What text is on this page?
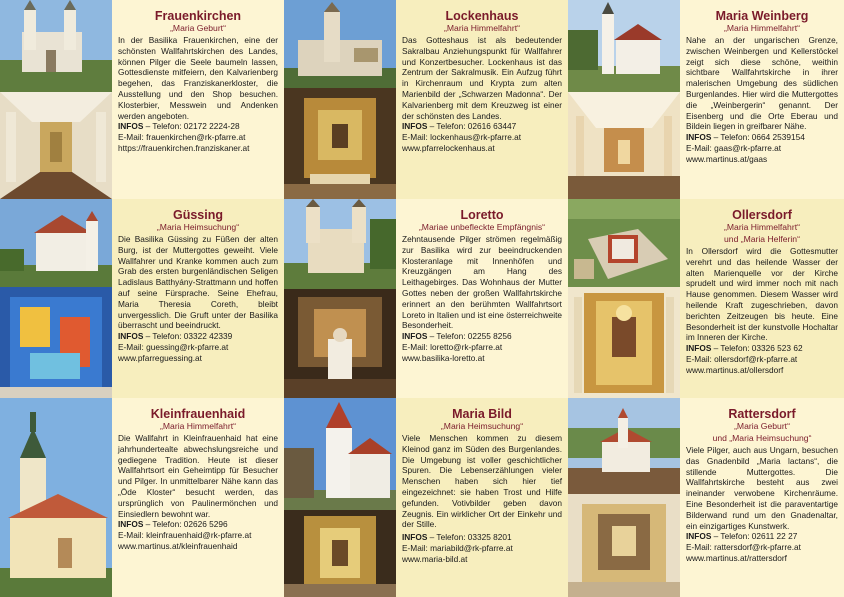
Frauenkirchen
„Maria Geburt“
In der Basilika Frauenkirchen, eine der schönsten Wallfahrtskirchen des Landes, können Pilger die Seele baumeln lassen, Gottesdienste mitfeiern, den Kalvarienberg begehen, das Franziskanerkloster, die Ausstellung und den Shop besuchen. Klosterbier, Messwein und Andenken werden angeboten.
INFOS – Telefon: 02172 2224-28
E-Mail: frauenkirchen@rk-pfarre.at
https://frauenkirchen.franziskaner.at
Lockenhaus
„Maria Himmelfahrt“
Das Gotteshaus ist als bedeutender Sakralbau Anziehungspunkt für Wallfahrer und Konzertbesucher. Lockenhaus ist das Zentrum der Sakralmusik. Ein Aufzug führt in Kirchenraum und Krypta zum alten Marienbild der „Schwarzen Madonna“. Der Kalvarienberg mit dem Kreuzweg ist einer der schönsten des Landes.
INFOS – Telefon: 02616 63447
E-Mail: lockenhaus@rk-pfarre.at
www.pfarrelockenhaus.at
Maria Weinberg
„Maria Himmelfahrt“
Nahe an der ungarischen Grenze, zwischen Weinbergen und Kellerstöckel zeigt sich diese schöne, weithin sichtbare Wallfahrtskirche in ihrer malerischen Umgebung des südlichen Burgenlandes. Hier wird die Muttergottes die „Weinbergerin“ genannt. Der Eisenberg und die Orte Eberau und Bildein liegen in greifbarer Nähe.
INFOS – Telefon: 0664 2539154
E-Mail: gaas@rk-pfarre.at
www.martinus.at/gaas
Güssing
„Maria Heimsuchung“
Die Basilika Güssing zu Füßen der alten Burg, ist der Muttergottes geweiht. Viele Wallfahrer und Kranke kommen auch zum Grab des ersten burgenländischen Seligen Ladislaus Batthyány-Strattmann und hoffen auf seine Fürsprache. Seine Ehefrau, Maria Theresia Coreth, bleibt unvergesslich. Die Gruft unter der Basilika überrascht und beeindruckt.
INFOS – Telefon: 03322 42339
E-Mail: guessing@rk-pfarre.at
www.pfarreguessing.at
Loretto
„Mariae unbefleckte Empfängnis“
Zehntausende Pilger strömen regelmäßig zur Basilika wird zur beeindruckenden Klosteranlage mit Innenhöfen und Kreuzgängen am Hang des Leithagebirges. Das Wohnhaus der Mutter Gottes neben der großen Wallfahrtskirche erinnert an den berühmten Wallfahrtsort Loreto in Italien und ist eine österreichweite Besonderheit.
INFOS – Telefon: 02255 8256
E-Mail: loretto@rk-pfarre.at
www.basilika-loretto.at
Ollersdorf
„Maria Himmelfahrt“
und „Maria Helferin“
In Ollersdorf wird die Gottesmutter verehrt und das heilende Wasser der alten Marienquelle vor der Kirche sprudelt und wird immer noch mit nach Hause genommen. Diesem Wasser wird heilende Kraft zugeschrieben, davon berichten Zeitzeugen bis heute. Eine Besonderheit ist der kunstvolle Hochaltar im Inneren der Kirche.
INFOS – Telefon: 03326 523 62
E-Mail: ollersdorf@rk-pfarre.at
www.martinus.at/ollersdorf
Kleinfrauenhaid
„Maria Himmelfahrt“
Die Wallfahrt in Kleinfrauenhaid hat eine jahrhundertealte abwechslungsreiche und gediegene Tradition. Heute ist dieser Wallfahrtsort ein Geheimtipp für Besucher und Pilger. In unmittelbarer Nähe kann das „Öde Kloster“ besucht werden, das ursprünglich von Paulinermönchen und Einsiedlern bewohnt war.
INFOS – Telefon: 02626 5296
E-Mail: kleinfrauenhaid@rk-pfarre.at
www.martinus.at/kleinfrauenhaid
Maria Bild
„Maria Heimsuchung“
Viele Menschen kommen zu diesem Kleinod ganz im Süden des Burgenlandes. Die Umgebung ist voller geschichtlicher Spuren. Die Lebenserzählungen vieler Menschen haben sich hier tief eingezeichnet: sie haben Trost und Hilfe gefunden. Votivbilder geben davon Zeugnis. Ein wirklicher Ort der Einkehr und der Stille.
INFOS – Telefon: 03325 8201
E-Mail: mariabild@rk-pfarre.at
www.maria-bild.at
Rattersdorf
„Maria Geburt“
und „Maria Heimsuchung“
Viele Pilger, auch aus Ungarn, besuchen das Gnadenbild „Maria lactans“, die stillende Muttergottes. Die Wallfahrtskirche besteht aus zwei ineinander verwobene Kirchenräume. Eine Besonderheit ist die paraventartige Bilderwand rund um den Gnadenaltar, ein einzigartiges Kunstwerk.
INFOS – Telefon: 02611 22 27
E-Mail: rattersdorf@rk-pfarre.at
www.martinus.at/rattersdorf
